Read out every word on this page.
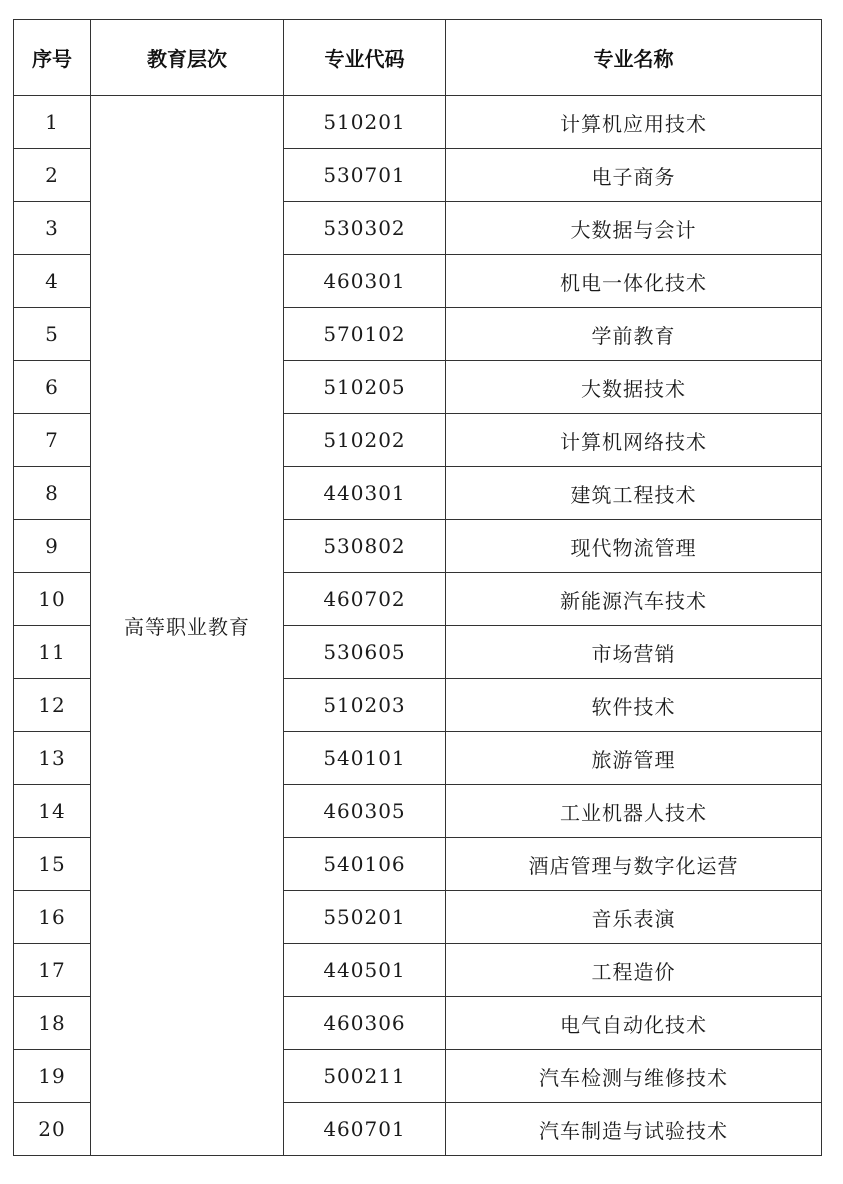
序号	教育层次	专业代码	专业名称
1	高等职业教育	510201	计算机应用技术
2		530701	电子商务
3		530302	大数据与会计
4		460301	机电一体化技术
5		570102	学前教育
6		510205	大数据技术
7		510202	计算机网络技术
8		440301	建筑工程技术
9		530802	现代物流管理
10		460702	新能源汽车技术
11		530605	市场营销
12		510203	软件技术
13		540101	旅游管理
14		460305	工业机器人技术
15		540106	酒店管理与数字化运营
16		550201	音乐表演
17		440501	工程造价
18		460306	电气自动化技术
19		500211	汽车检测与维修技术
20		460701	汽车制造与试验技术
